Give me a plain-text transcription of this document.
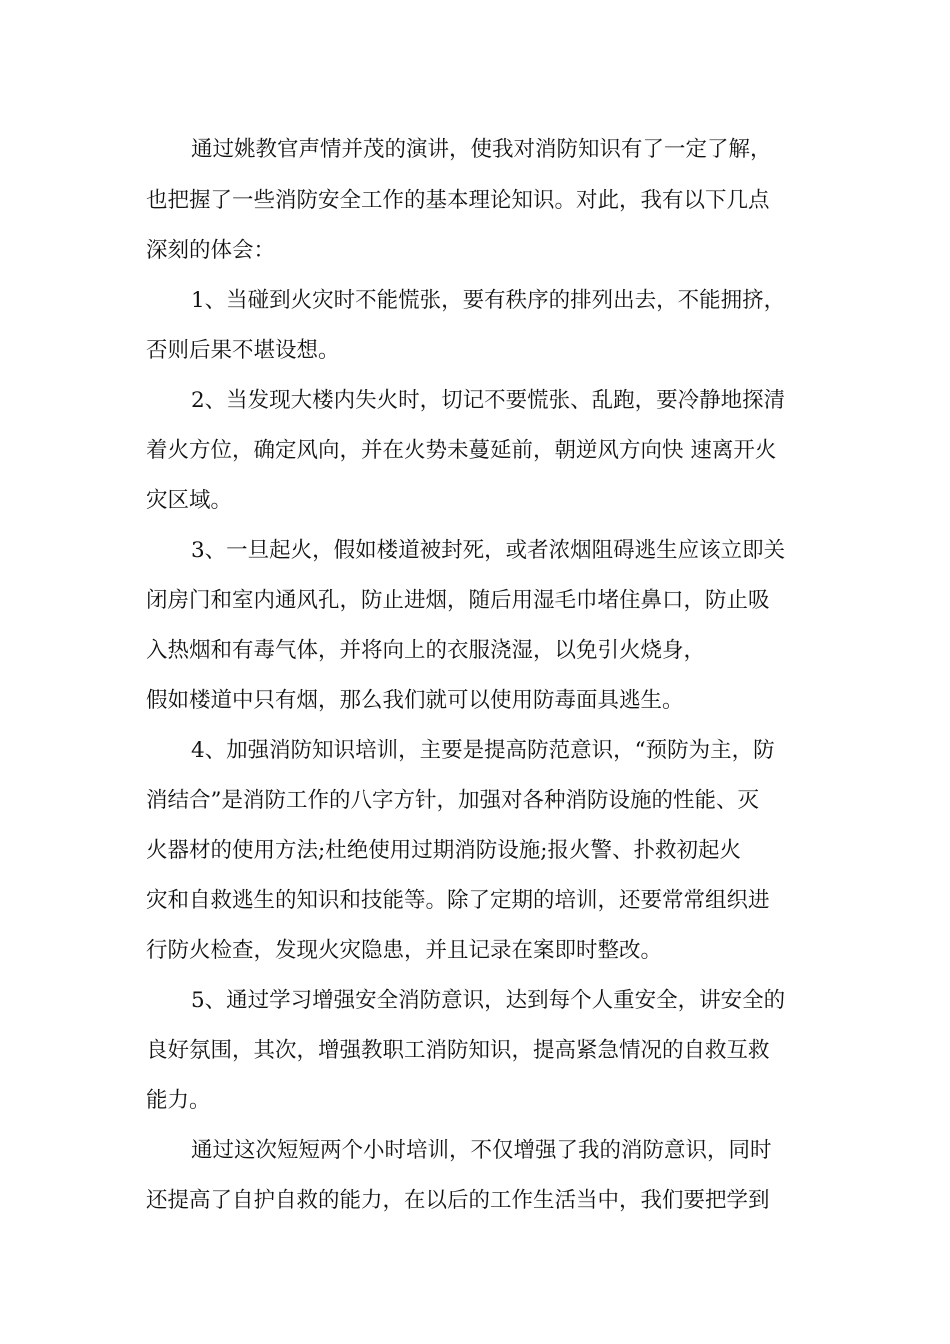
通过姚教官声情并茂的演讲，使我对消防知识有了一定了解，
也把握了一些消防安全工作的基本理论知识。对此，我有以下几点
深刻的体会：
1、当碰到火灾时不能慌张，要有秩序的排列出去，不能拥挤，
否则后果不堪设想。
2、当发现大楼内失火时，切记不要慌张、乱跑，要冷静地探清
着火方位，确定风向，并在火势未蔓延前，朝逆风方向快 速离开火
灾区域。
3、一旦起火，假如楼道被封死，或者浓烟阻碍逃生应该立即关
闭房门和室内通风孔，防止进烟，随后用湿毛巾堵住鼻口，防止吸
入热烟和有毒气体，并将向上的衣服浇湿，以免引火烧身，
假如楼道中只有烟，那么我们就可以使用防毒面具逃生。
4、加强消防知识培训，主要是提高防范意识，“预防为主，防
消结合”是消防工作的八字方针，加强对各种消防设施的性能、灭
火器材的使用方法;杜绝使用过期消防设施;报火警、扑救初起火
灾和自救逃生的知识和技能等。除了定期的培训，还要常常组织进
行防火检查，发现火灾隐患，并且记录在案即时整改。
5、通过学习增强安全消防意识，达到每个人重安全，讲安全的
良好氛围，其次，增强教职工消防知识，提高紧急情况的自救互救
能力。
通过这次短短两个小时培训，不仅增强了我的消防意识，同时
还提高了自护自救的能力，在以后的工作生活当中，我们要把学到
